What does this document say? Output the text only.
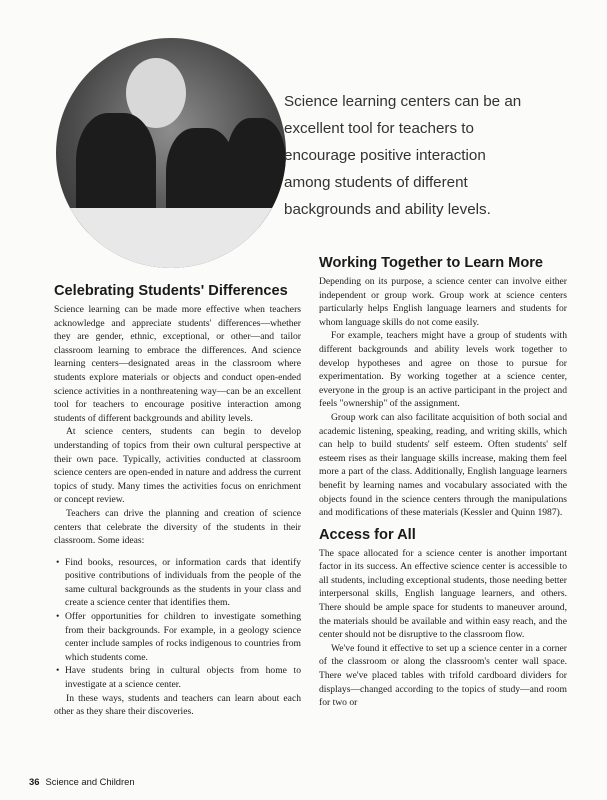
Science learning centers can be an excellent tool for teachers to encourage positive interaction among students of different backgrounds and ability levels.

Celebrating Students' Differences

Science learning can be made more effective when teachers acknowledge and appreciate students' differences—whether they are gender, ethnic, exceptional, or other—and tailor classroom learning to embrace the differences. And science learning centers—designated areas in the classroom where students explore materials or objects and conduct open-ended science activities in a nonthreatening way—can be an excellent tool for teachers to encourage positive interaction among students of different backgrounds and ability levels.

At science centers, students can begin to develop understanding of topics from their own cultural perspective at their own pace. Typically, activities conducted at classroom science centers are open-ended in nature and address the current topics of study. Many times the activities focus on enrichment or concept review.

Teachers can drive the planning and creation of science centers that celebrate the diversity of the students in their classroom. Some ideas:

• Find books, resources, or information cards that identify positive contributions of individuals from the people of the same cultural backgrounds as the students in your class and create a science center that identifies them.
• Offer opportunities for children to investigate something from their backgrounds. For example, in a geology science center include samples of rocks indigenous to countries from which students come.
• Have students bring in cultural objects from home to investigate at a science center.

In these ways, students and teachers can learn about each other as they share their discoveries.

Working Together to Learn More

Depending on its purpose, a science center can involve either independent or group work. Group work at science centers particularly helps English language learners and students for whom language skills do not come easily.

For example, teachers might have a group of students with different backgrounds and ability levels work together to develop hypotheses and agree on those to pursue for experimentation. By working together at a science center, everyone in the group is an active participant in the project and feels "ownership" of the assignment.

Group work can also facilitate acquisition of both social and academic listening, speaking, reading, and writing skills, which can help to build students' self esteem. Often students' self esteem rises as their language skills increase, making them feel more a part of the class. Additionally, English language learners benefit by learning names and vocabulary associated with the objects found in the science centers through the manipulations and modifications of these materials (Kessler and Quinn 1987).

Access for All

The space allocated for a science center is another important factor in its success. An effective science center is accessible to all students, including exceptional students, those needing better interpersonal skills, English language learners, and others. There should be ample space for students to maneuver around, the materials should be available and within easy reach, and the center should not be disruptive to the classroom flow.

We've found it effective to set up a science center in a corner of the classroom or along the classroom's center wall space. There we've placed tables with trifold cardboard dividers for displays—changed according to the topics of study—and room for two or

36 Science and Children
